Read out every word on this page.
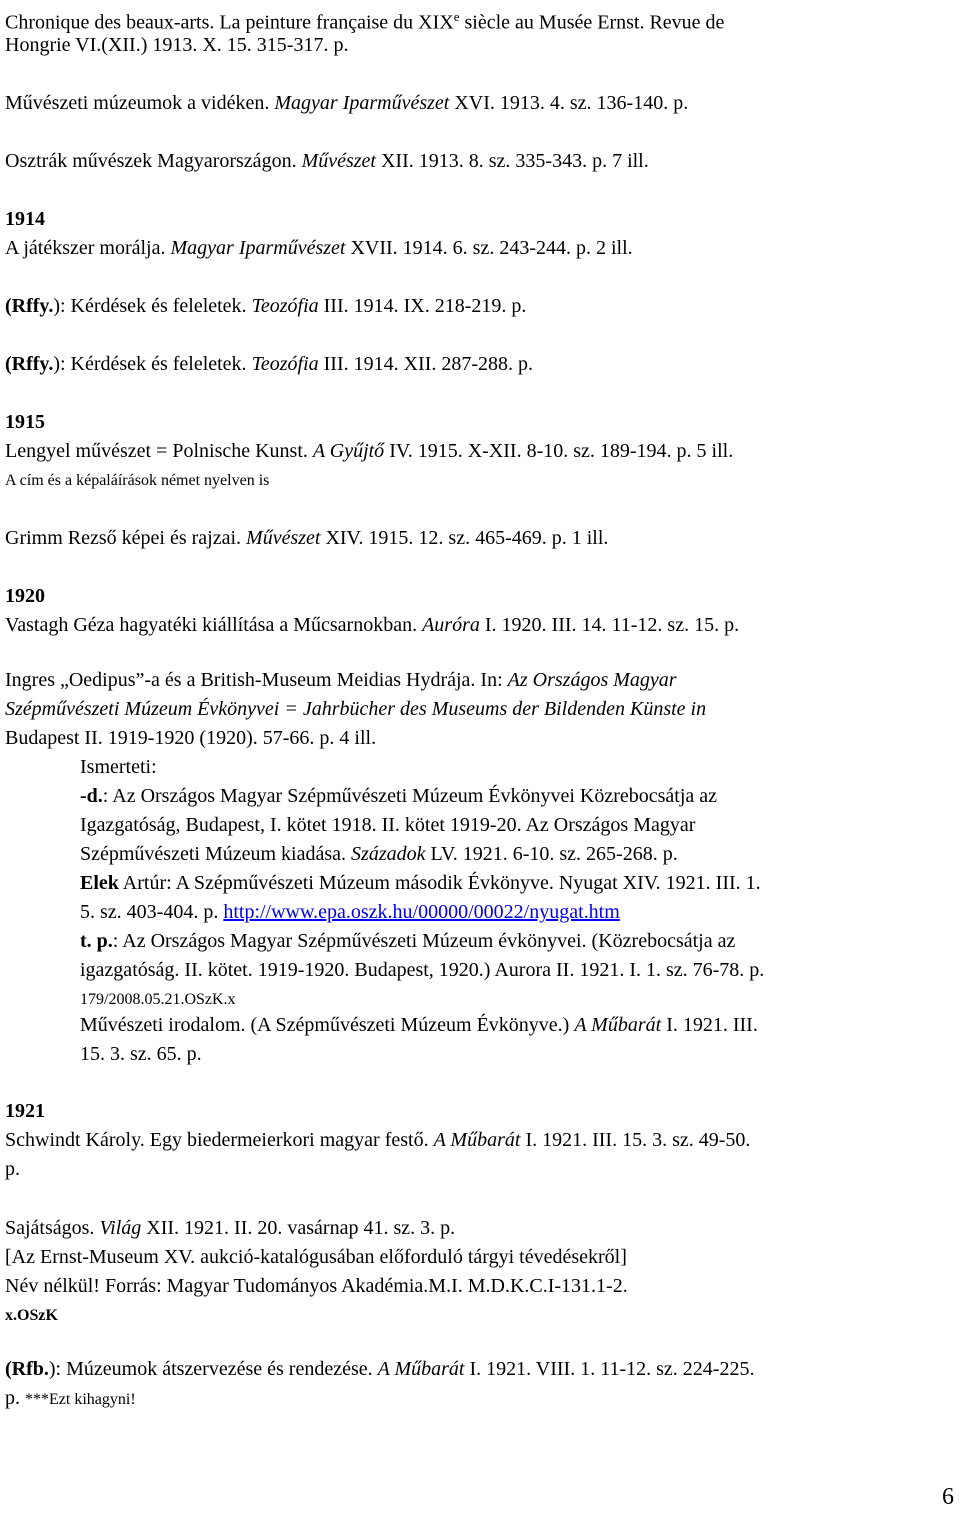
Chronique des beaux-arts. La peinture française du XIXe siècle au Musée Ernst. Revue de
Hongrie VI.(XII.) 1913. X. 15. 315-317. p.
Művészeti múzeumok a vidéken. Magyar Iparművészet XVI. 1913. 4. sz. 136-140. p.
Osztrák művészek Magyarországon. Művészet XII. 1913. 8. sz. 335-343. p. 7 ill.
1914
A játékszer morálja. Magyar Iparművészet XVII. 1914. 6. sz. 243-244. p. 2 ill.
(Rffy.): Kérdések és feleletek. Teozófia III. 1914. IX. 218-219. p.
(Rffy.): Kérdések és feleletek. Teozófia III. 1914. XII. 287-288. p.
1915
Lengyel művészet = Polnische Kunst. A Gyűjtő IV. 1915. X-XII. 8-10. sz. 189-194. p. 5 ill.
A cím és a képaláírások német nyelven is
Grimm Rezső képei és rajzai. Művészet XIV. 1915. 12. sz. 465-469. p. 1 ill.
1920
Vastagh Géza hagyatéki kiállítása a Műcsarnokban. Auróra I. 1920. III. 14. 11-12. sz. 15. p.
Ingres „Oedipus”-a és a British-Museum Meidias Hydrája. In: Az Országos Magyar
Szépművészeti Múzeum Évkönyvei = Jahrbücher des Museums der Bildenden Künste in
Budapest II. 1919-1920 (1920). 57-66. p. 4 ill.
Ismerteti:
-d.: Az Országos Magyar Szépművészeti Múzeum Évkönyvei Közrebocsátja az
Igazgatóság, Budapest, I. kötet 1918. II. kötet 1919-20. Az Országos Magyar
Szépművészeti Múzeum kiadása. Századok LV. 1921. 6-10. sz. 265-268. p.
Elek Artúr: A Szépművészeti Múzeum második Évkönyve. Nyugat XIV. 1921. III. 1.
5. sz. 403-404. p. http://www.epa.oszk.hu/00000/00022/nyugat.htm
t. p.: Az Országos Magyar Szépművészeti Múzeum évkönyvei. (Közrebocsátja az
igazgatóság. II. kötet. 1919-1920. Budapest, 1920.) Aurora II. 1921. I. 1. sz. 76-78. p.
179/2008.05.21.OSzK.x
Művészeti irodalom. (A Szépművészeti Múzeum Évkönyve.) A Műbarát I. 1921. III.
15. 3. sz. 65. p.
1921
Schwindt Károly. Egy biedermeierkori magyar festő. A Műbarát I. 1921. III. 15. 3. sz. 49-50.
p.
Sajátságos. Világ XII. 1921. II. 20. vasárnap 41. sz. 3. p.
[Az Ernst-Museum XV. aukció-katalógusában előforduló tárgyi tévedésekről]
Név nélkül! Forrás: Magyar Tudományos Akadémia.M.I. M.D.K.C.I-131.1-2.
x.OSzK
(Rfb.): Múzeumok átszervezése és rendezése. A Műbarát I. 1921. VIII. 1. 11-12. sz. 224-225.
p. ***Ezt kihagyni!
6
